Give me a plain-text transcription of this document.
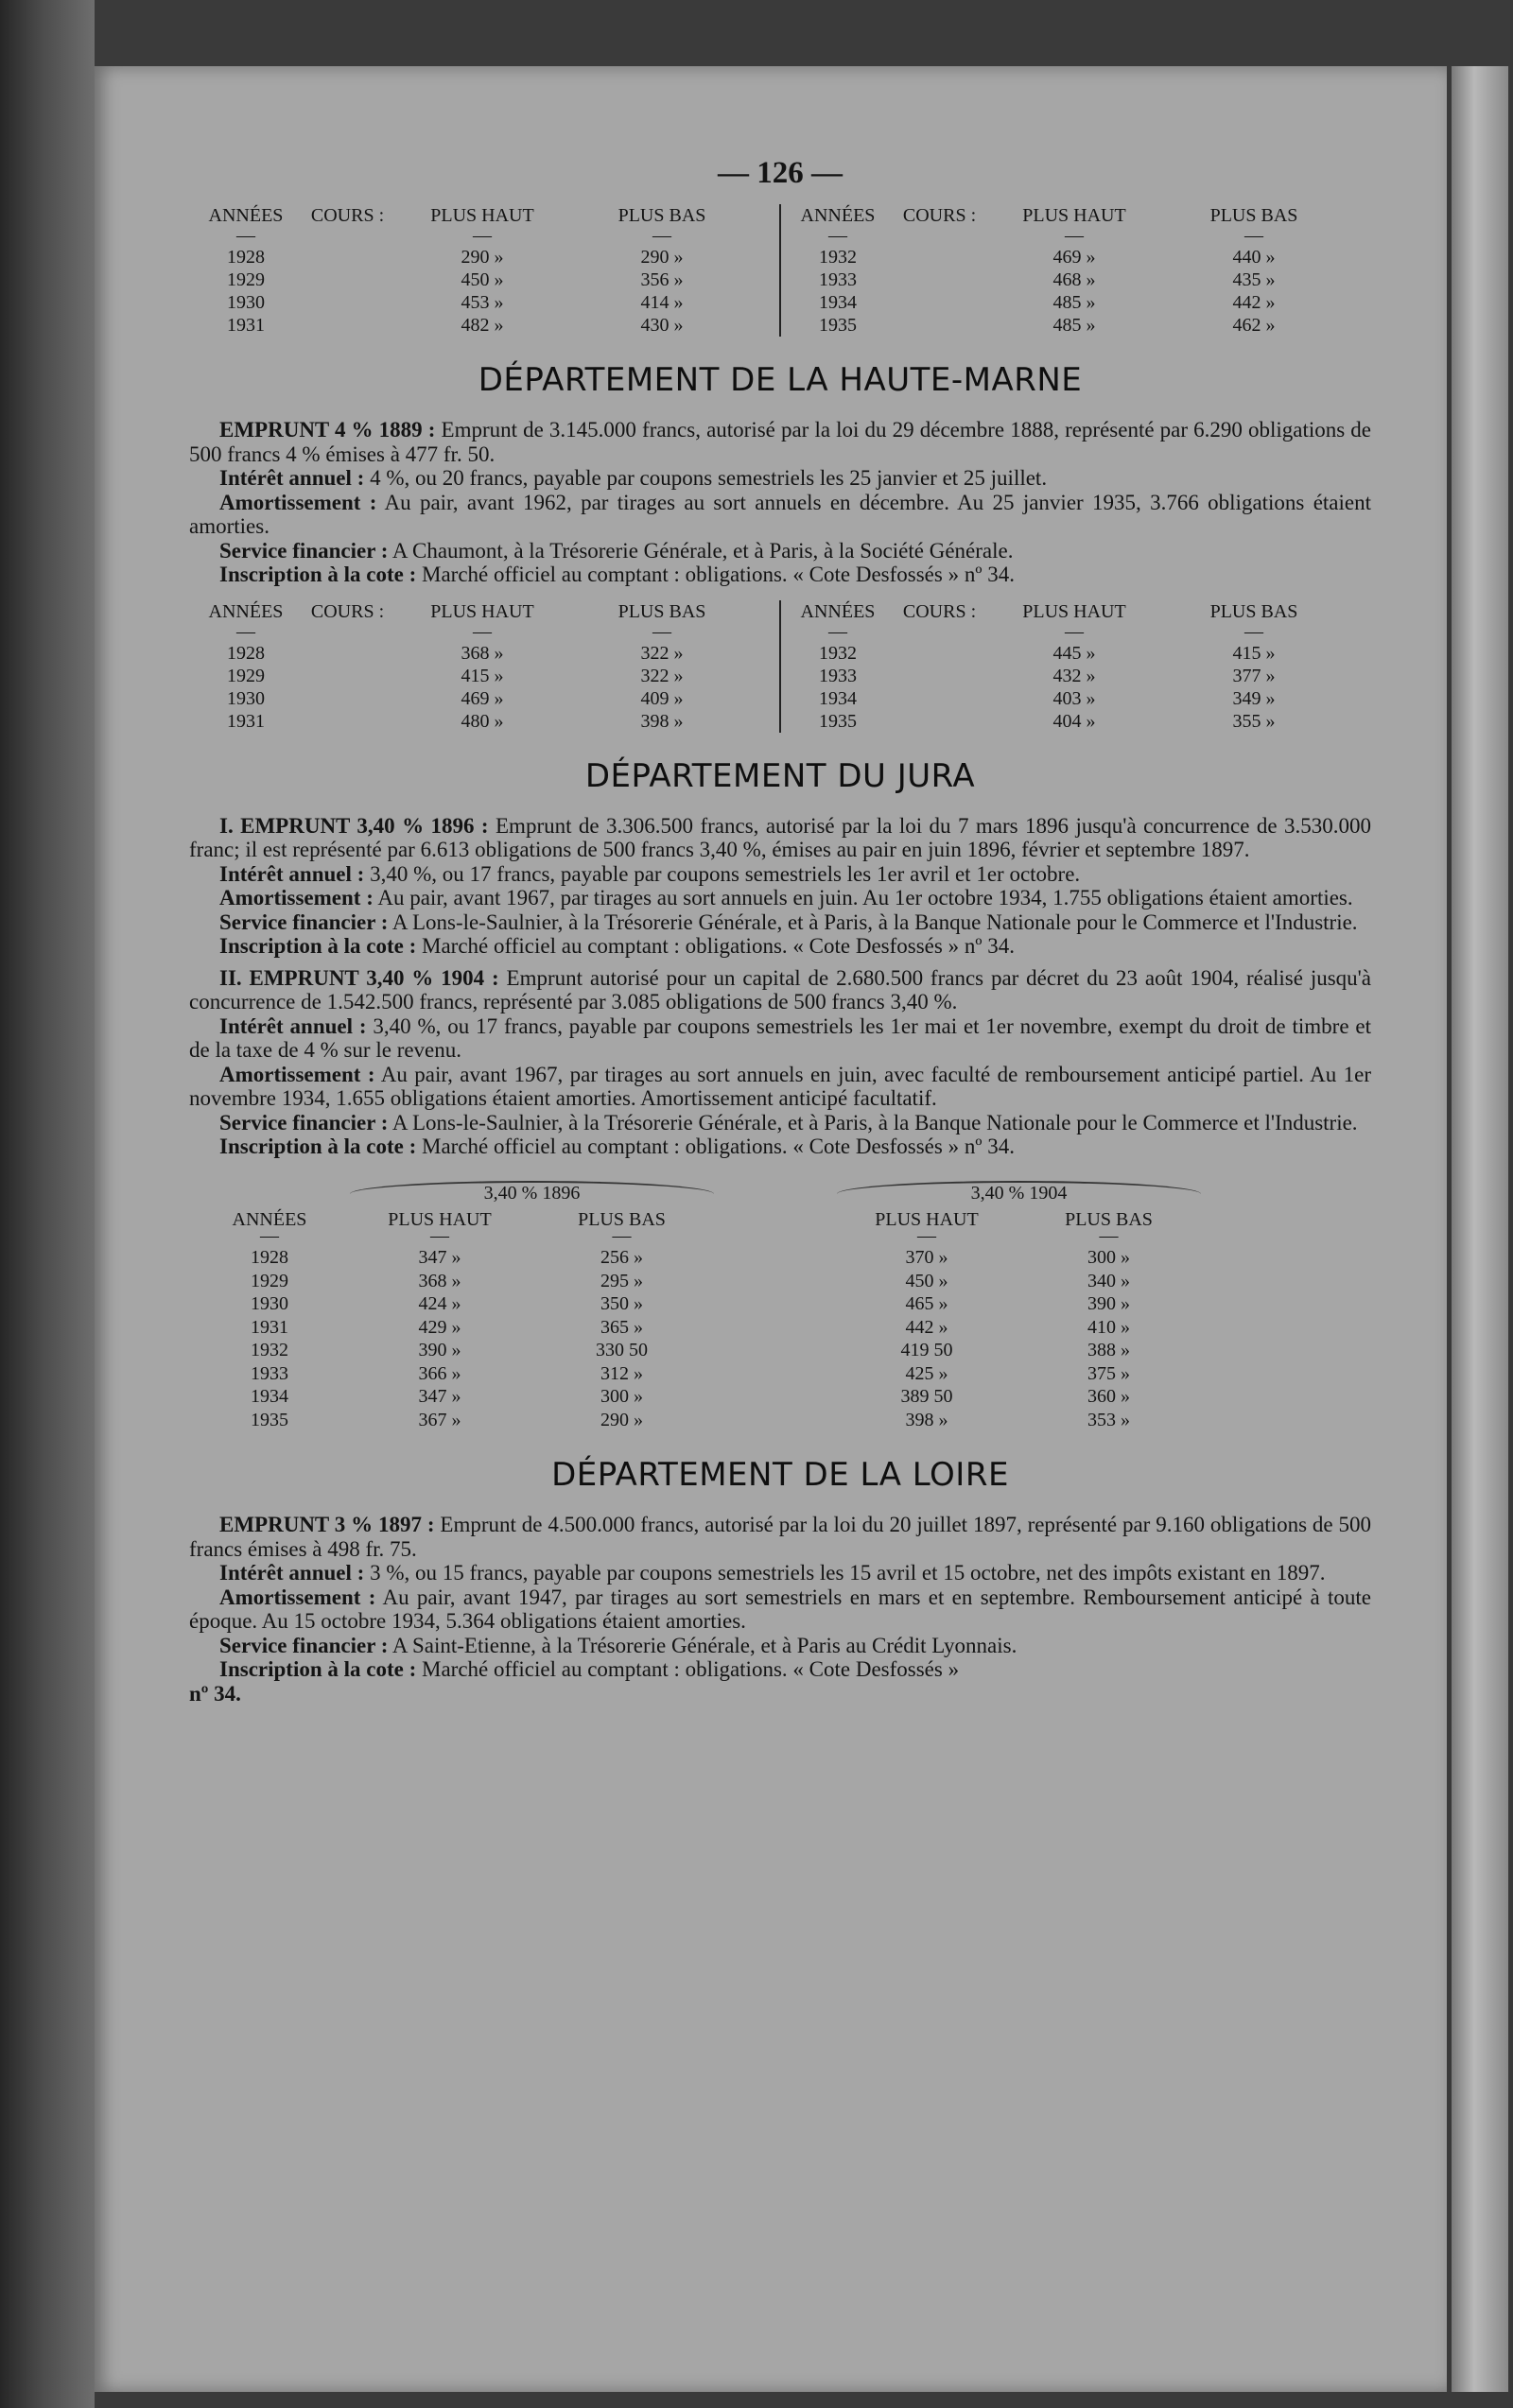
— 126 —
ANNÉES	COURS :	PLUS HAUT	PLUS BAS
—	—	—
1928	290 »	290 »
1929	450 »	356 »
1930	453 »	414 »
1931	482 »	430 »
ANNÉES	COURS :	PLUS HAUT	PLUS BAS
—	—	—
1932	469 »	440 »
1933	468 »	435 »
1934	485 »	442 »
1935	485 »	462 »
DÉPARTEMENT DE LA HAUTE-MARNE

EMPRUNT 4 % 1889 : Emprunt de 3.145.000 francs, autorisé par la loi du 29 décembre 1888, représenté par 6.290 obligations de 500 francs 4 % émises à 477 fr. 50.

Intérêt annuel : 4 %, ou 20 francs, payable par coupons semestriels les 25 janvier et 25 juillet.

Amortissement : Au pair, avant 1962, par tirages au sort annuels en décembre. Au 25 janvier 1935, 3.766 obligations étaient amorties.

Service financier : A Chaumont, à la Trésorerie Générale, et à Paris, à la Société Générale.

Inscription à la cote : Marché officiel au comptant : obligations. « Cote Desfossés » nº 34.

ANNÉES	COURS :	PLUS HAUT	PLUS BAS
—	—	—
1928	368 »	322 »
1929	415 »	322 »
1930	469 »	409 »
1931	480 »	398 »
ANNÉES	COURS :	PLUS HAUT	PLUS BAS
—	—	—
1932	445 »	415 »
1933	432 »	377 »
1934	403 »	349 »
1935	404 »	355 »
DÉPARTEMENT DU JURA

I. EMPRUNT 3,40 % 1896 : Emprunt de 3.306.500 francs, autorisé par la loi du 7 mars 1896 jusqu'à concurrence de 3.530.000 franc; il est représenté par 6.613 obligations de 500 francs 3,40 %, émises au pair en juin 1896, février et septembre 1897.

Intérêt annuel : 3,40 %, ou 17 francs, payable par coupons semestriels les 1er avril et 1er octobre.

Amortissement : Au pair, avant 1967, par tirages au sort annuels en juin. Au 1er octobre 1934, 1.755 obligations étaient amorties.

Service financier : A Lons-le-Saulnier, à la Trésorerie Générale, et à Paris, à la Banque Nationale pour le Commerce et l'Industrie.

Inscription à la cote : Marché officiel au comptant : obligations. « Cote Desfossés » nº 34.

II. EMPRUNT 3,40 % 1904 : Emprunt autorisé pour un capital de 2.680.500 francs par décret du 23 août 1904, réalisé jusqu'à concurrence de 1.542.500 francs, représenté par 3.085 obligations de 500 francs 3,40 %.

Intérêt annuel : 3,40 %, ou 17 francs, payable par coupons semestriels les 1er mai et 1er novembre, exempt du droit de timbre et de la taxe de 4 % sur le revenu.

Amortissement : Au pair, avant 1967, par tirages au sort annuels en juin, avec faculté de remboursement anticipé partiel. Au 1er novembre 1934, 1.655 obligations étaient amorties. Amortissement anticipé facultatif.

Service financier : A Lons-le-Saulnier, à la Trésorerie Générale, et à Paris, à la Banque Nationale pour le Commerce et l'Industrie.

Inscription à la cote : Marché officiel au comptant : obligations. « Cote Desfossés » nº 34.

3,40 % 1896	3,40 % 1904
ANNÉES	PLUS HAUT	PLUS BAS	PLUS HAUT	PLUS BAS
—	—	—	—	—
1928	347 »	256 »	370 »	300 »
1929	368 »	295 »	450 »	340 »
1930	424 »	350 »	465 »	390 »
1931	429 »	365 »	442 »	410 »
1932	390 »	330 50	419 50	388 »
1933	366 »	312 »	425 »	375 »
1934	347 »	300 »	389 50	360 »
1935	367 »	290 »	398 »	353 »
DÉPARTEMENT DE LA LOIRE

EMPRUNT 3 % 1897 : Emprunt de 4.500.000 francs, autorisé par la loi du 20 juillet 1897, représenté par 9.160 obligations de 500 francs émises à 498 fr. 75.

Intérêt annuel : 3 %, ou 15 francs, payable par coupons semestriels les 15 avril et 15 octobre, net des impôts existant en 1897.

Amortissement : Au pair, avant 1947, par tirages au sort semestriels en mars et en septembre. Remboursement anticipé à toute époque. Au 15 octobre 1934, 5.364 obligations étaient amorties.

Service financier : A Saint-Etienne, à la Trésorerie Générale, et à Paris au Crédit Lyonnais.

Inscription à la cote : Marché officiel au comptant : obligations. « Cote Desfossés »
nº 34.
